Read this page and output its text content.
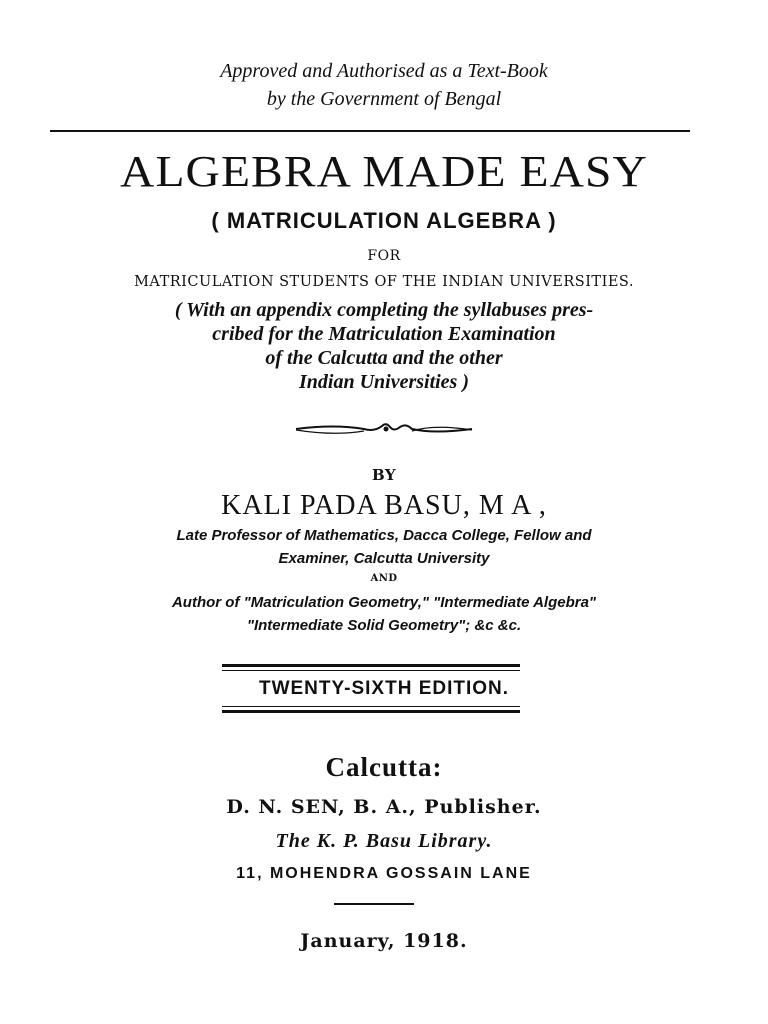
Approved and Authorised as a Text-Book
by the Government of Bengal
ALGEBRA MADE EASY
( MATRICULATION ALGEBRA )
FOR
MATRICULATION STUDENTS OF THE INDIAN UNIVERSITIES.
( With an appendix completing the syllabuses pres-
cribed for the Matriculation Examination
of the Calcutta and the other
Indian Universities )
BY
KALI PADA BASU, M A ,
Late Professor of Mathematics, Dacca College, Fellow and
Examiner, Calcutta University
AND
Author of "Matriculation Geometry," "Intermediate Algebra"
"Intermediate Solid Geometry"; &c &c.
TWENTY-SIXTH EDITION.
Calcutta:
D. N. SEN, B. A., Publisher.
The K. P. Basu Library.
11, MOHENDRA GOSSAIN LANE
January, 1918.
